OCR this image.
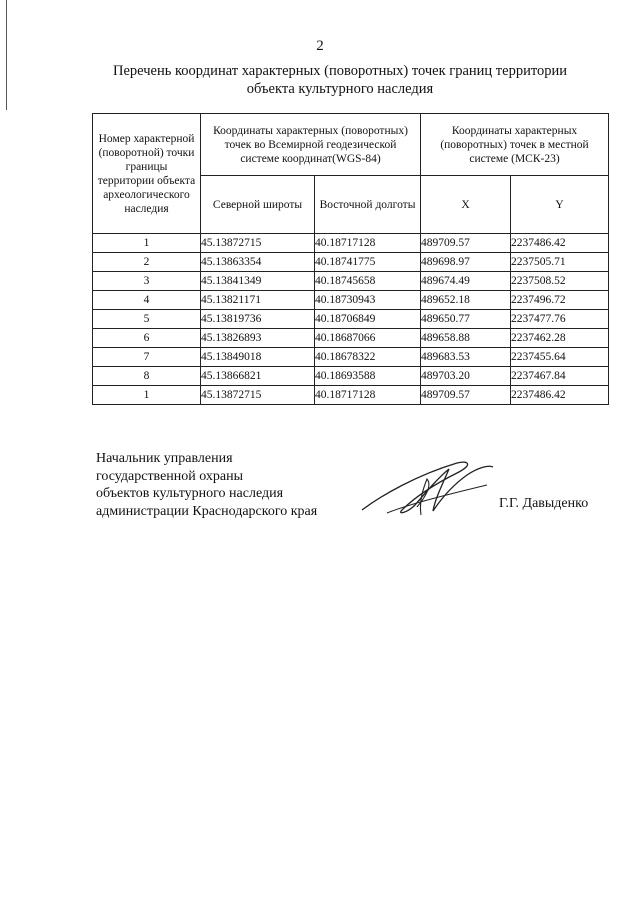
2
Перечень координат характерных (поворотных) точек границ территории
объекта культурного наследия
Номер характерной (поворотной) точки границы территории объекта археологического наследия	Координаты характерных (поворотных) точек во Всемирной геодезической системе координат(WGS-84)		Координаты характерных (поворотных) точек в местной системе (МСК-23)	
	Северной широты	Восточной долготы	X	Y
1	45.13872715	40.18717128	489709.57	2237486.42
2	45.13863354	40.18741775	489698.97	2237505.71
3	45.13841349	40.18745658	489674.49	2237508.52
4	45.13821171	40.18730943	489652.18	2237496.72
5	45.13819736	40.18706849	489650.77	2237477.76
6	45.13826893	40.18687066	489658.88	2237462.28
7	45.13849018	40.18678322	489683.53	2237455.64
8	45.13866821	40.18693588	489703.20	2237467.84
1	45.13872715	40.18717128	489709.57	2237486.42
Начальник управления
государственной охраны
объектов культурного наследия
администрации Краснодарского края	Г.Г. Давыденко
